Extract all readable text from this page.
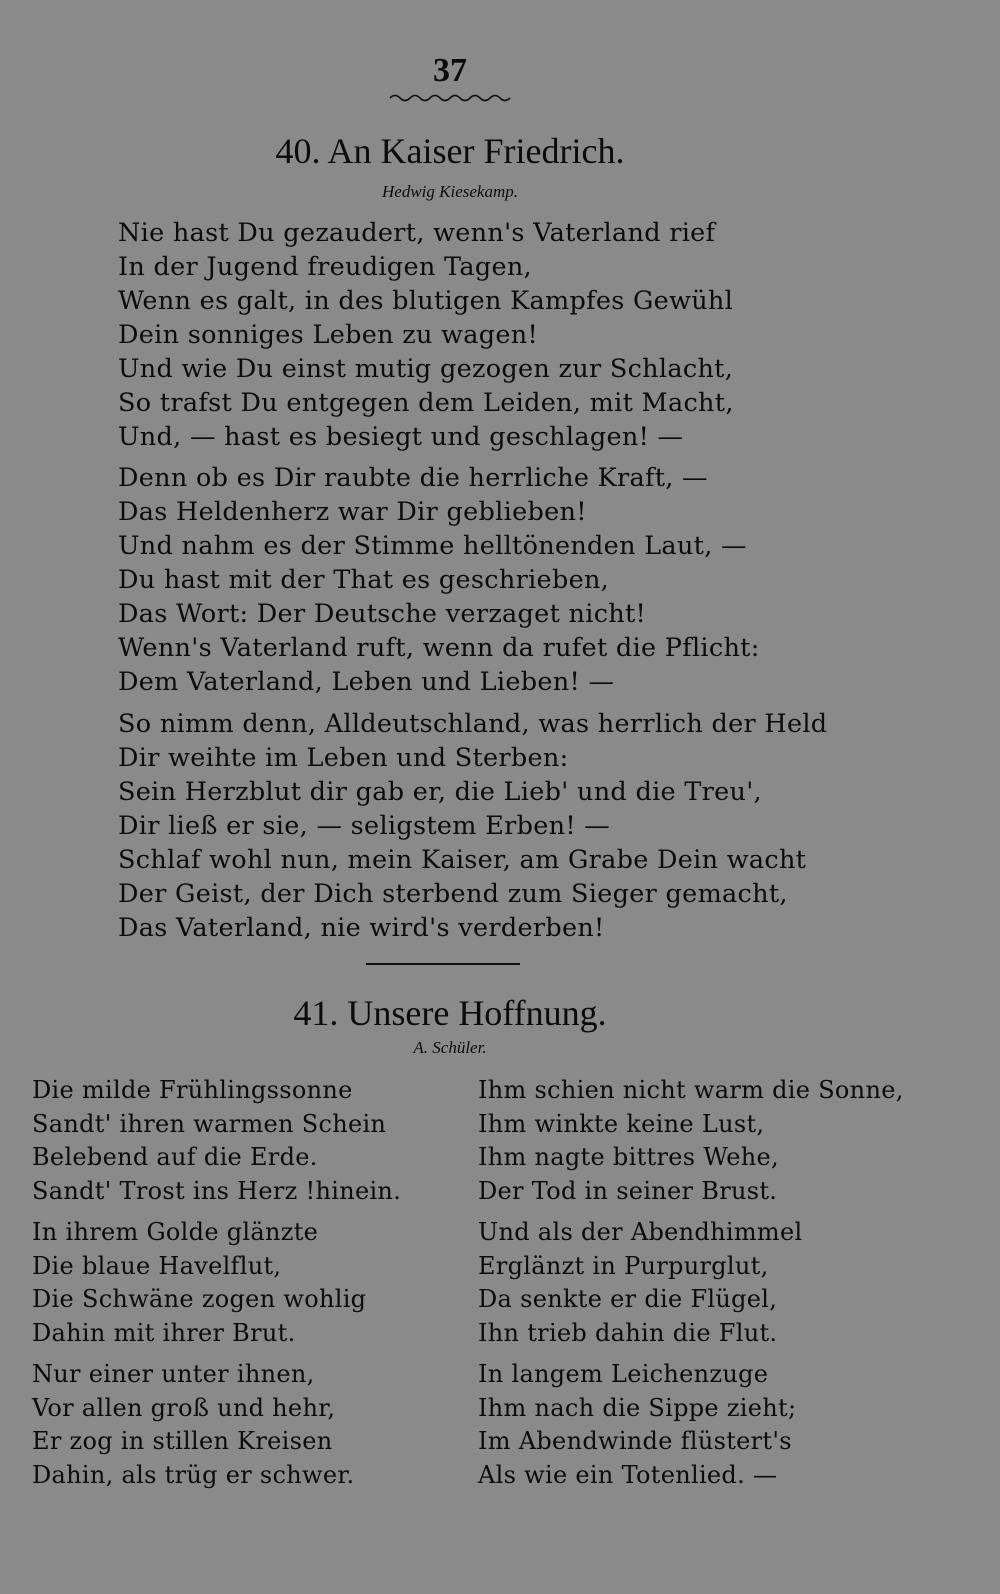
37
40. An Kaiser Friedrich.
Hedwig Kiesekamp.
Nie hast Du gezaudert, wenn's Vaterland rief
In der Jugend freudigen Tagen,
Wenn es galt, in des blutigen Kampfes Gewühl
Dein sonniges Leben zu wagen!
Und wie Du einst mutig gezogen zur Schlacht,
So trafst Du entgegen dem Leiden, mit Macht,
Und, — hast es besiegt und geschlagen! —
Denn ob es Dir raubte die herrliche Kraft, —
Das Heldenherz war Dir geblieben!
Und nahm es der Stimme helltönenden Laut, —
Du hast mit der That es geschrieben,
Das Wort: Der Deutsche verzaget nicht!
Wenn's Vaterland ruft, wenn da rufet die Pflicht:
Dem Vaterland, Leben und Lieben! —
So nimm denn, Alldeutschland, was herrlich der Held
Dir weihte im Leben und Sterben:
Sein Herzblut dir gab er, die Lieb' und die Treu',
Dir ließ er sie, — seligstem Erben! —
Schlaf wohl nun, mein Kaiser, am Grabe Dein wacht
Der Geist, der Dich sterbend zum Sieger gemacht,
Das Vaterland, nie wird's verderben!
41. Unsere Hoffnung.
A. Schüler.
Die milde Frühlingssonne
Sandt' ihren warmen Schein
Belebend auf die Erde.
Sandt' Trost ins Herz !hinein.
In ihrem Golde glänzte
Die blaue Havelflut,
Die Schwäne zogen wohlig
Dahin mit ihrer Brut.
Nur einer unter ihnen,
Vor allen groß und hehr,
Er zog in stillen Kreisen
Dahin, als trüg er schwer.
Ihm schien nicht warm die Sonne,
Ihm winkte keine Lust,
Ihm nagte bittres Wehe,
Der Tod in seiner Brust.
Und als der Abendhimmel
Erglänzt in Purpurglut,
Da senkte er die Flügel,
Ihn trieb dahin die Flut.
In langem Leichenzuge
Ihm nach die Sippe zieht;
Im Abendwinde flüstert's
Als wie ein Totenlied. —
